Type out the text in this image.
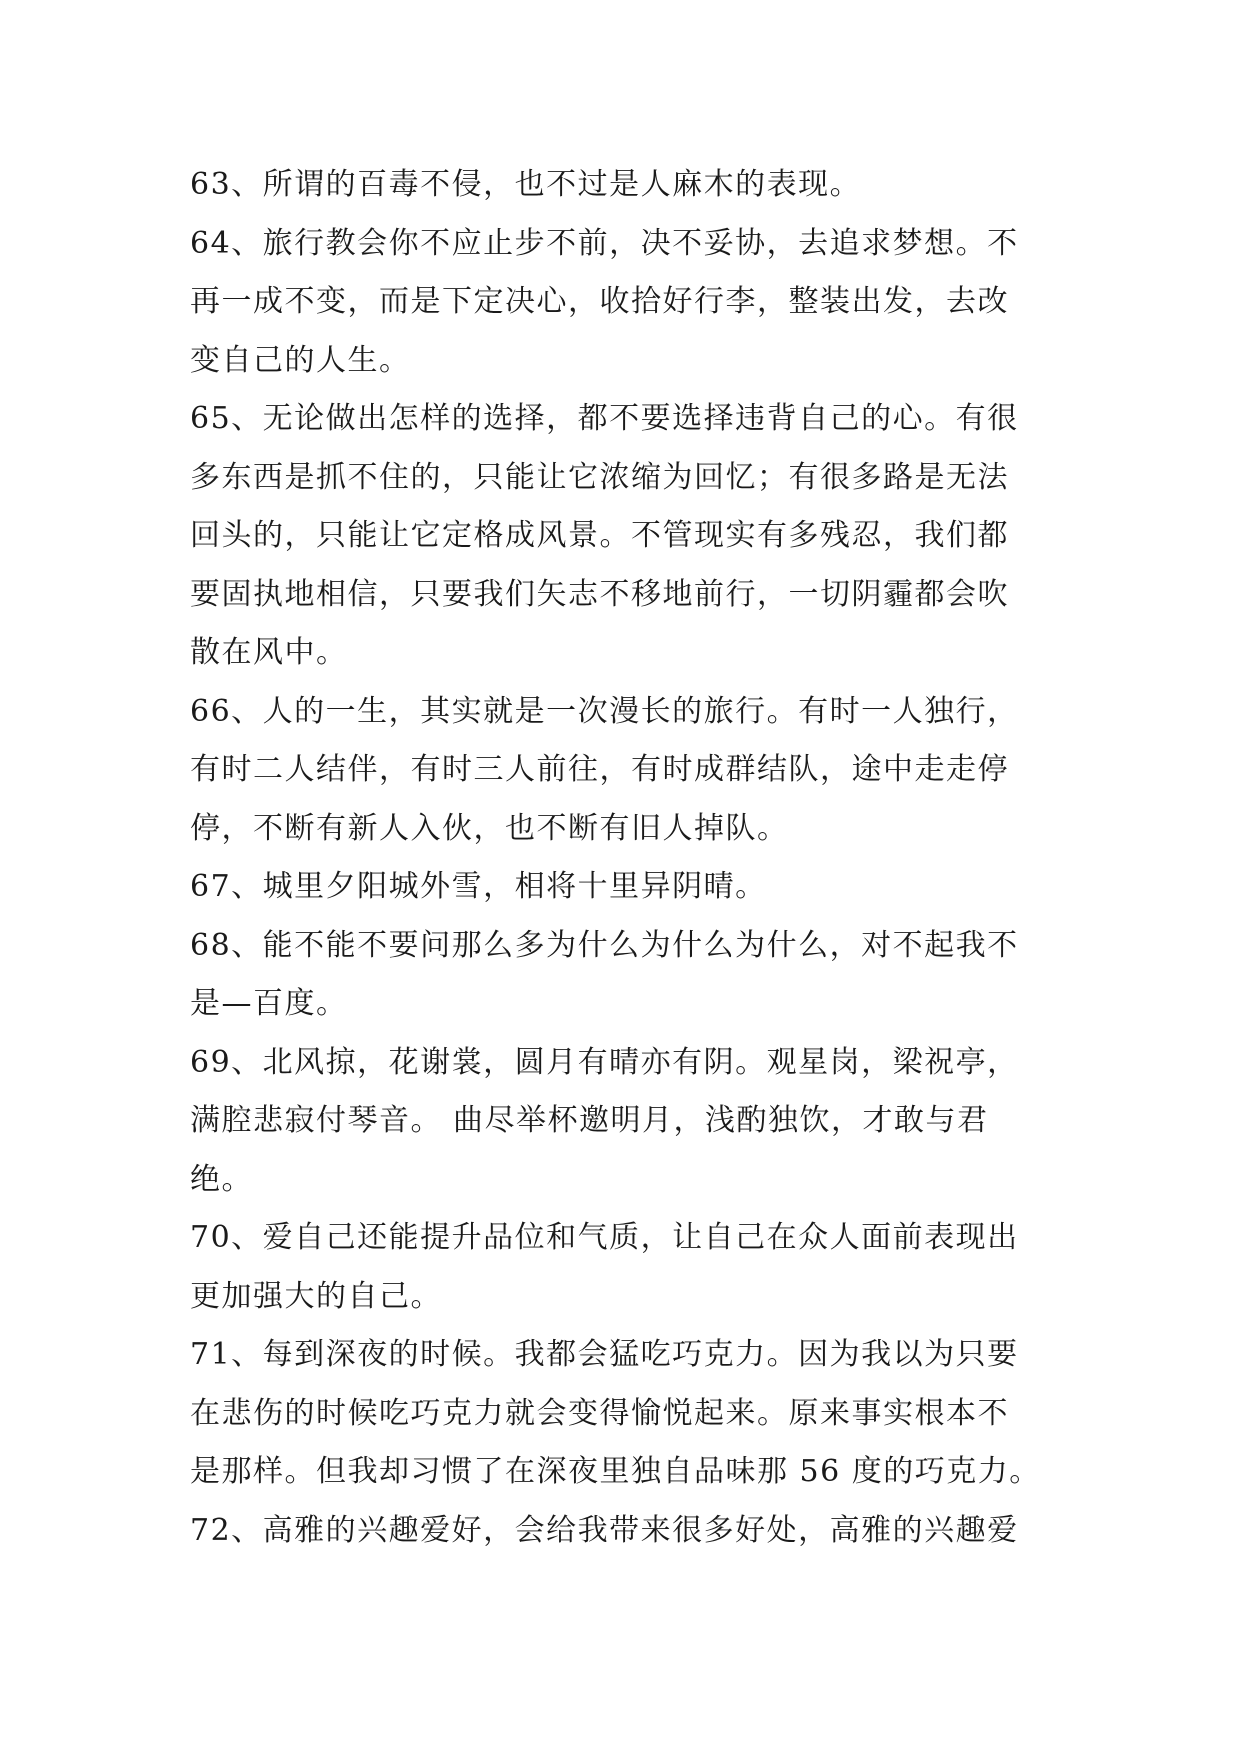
63、所谓的百毒不侵，也不过是人麻木的表现。
64、旅行教会你不应止步不前，决不妥协，去追求梦想。不
再一成不变，而是下定决心，收拾好行李，整装出发，去改
变自己的人生。
65、无论做出怎样的选择，都不要选择违背自己的心。有很
多东西是抓不住的，只能让它浓缩为回忆；有很多路是无法
回头的，只能让它定格成风景。不管现实有多残忍，我们都
要固执地相信，只要我们矢志不移地前行，一切阴霾都会吹
散在风中。
66、人的一生，其实就是一次漫长的旅行。有时一人独行，
有时二人结伴，有时三人前往，有时成群结队，途中走走停
停，不断有新人入伙，也不断有旧人掉队。
67、城里夕阳城外雪，相将十里异阴晴。
68、能不能不要问那么多为什么为什么为什么，对不起我不
是—百度。
69、北风掠，花谢裳，圆月有晴亦有阴。观星岗，梁祝亭，
满腔悲寂付琴音。 曲尽举杯邀明月，浅酌独饮，才敢与君
绝。
70、爱自己还能提升品位和气质，让自己在众人面前表现出
更加强大的自己。
71、每到深夜的时候。我都会猛吃巧克力。因为我以为只要
在悲伤的时候吃巧克力就会变得愉悦起来。原来事实根本不
是那样。但我却习惯了在深夜里独自品味那 56 度的巧克力。
72、高雅的兴趣爱好，会给我带来很多好处，高雅的兴趣爱
